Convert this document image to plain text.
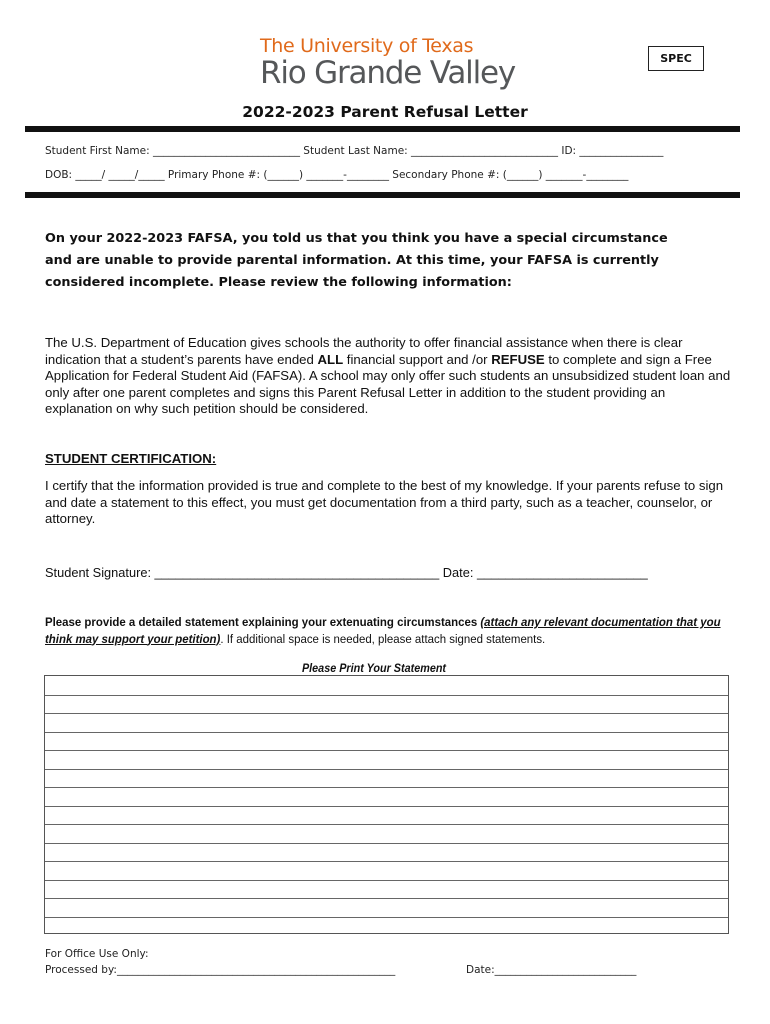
The University of Texas
Rio Grande Valley	SPEC
2022-2023 Parent Refusal Letter
Student First Name: ____________________________ Student Last Name: ____________________________ ID: ________________
DOB: _____/ _____/_____ Primary Phone #: (______) _______-________ Secondary Phone #: (______) _______-________
On your 2022-2023 FAFSA, you told us that you think you have a special circumstance
and are unable to provide parental information. At this time, your FAFSA is currently
considered incomplete. Please review the following information:
The U.S. Department of Education gives schools the authority to offer financial assistance when there is clear indication that a student’s parents have ended ALL financial support and /or REFUSE to complete and sign a Free Application for Federal Student Aid (FAFSA). A school may only offer such students an unsubsidized student loan and only after one parent completes and signs this Parent Refusal Letter in addition to the student providing an explanation on why such petition should be considered.
STUDENT CERTIFICATION:
I certify that the information provided is true and complete to the best of my knowledge. If your parents refuse to sign and date a statement to this effect, you must get documentation from a third party, such as a teacher, counselor, or attorney.
Student Signature: ________________________________________ Date: ________________________
Please provide a detailed statement explaining your extenuating circumstances (attach any relevant documentation that you think may support your petition). If additional space is needed, please attach signed statements.
Please Print Your Statement
For Office Use Only:
Processed by:_____________________________________________________	Date:___________________________
